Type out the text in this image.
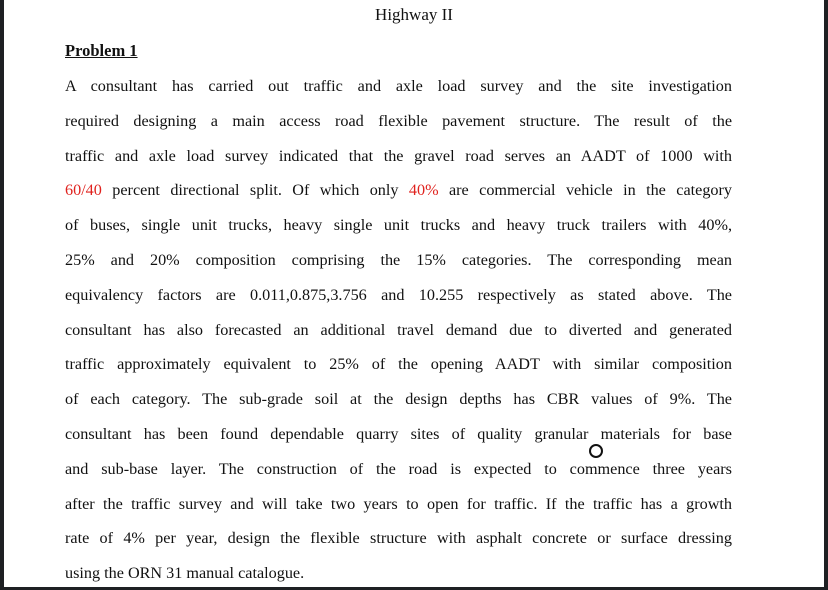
Highway II
Problem 1

A consultant has carried out traffic and axle load survey and the site investigation
required designing a main access road flexible pavement structure. The result of the
traffic and axle load survey indicated that the gravel road serves an AADT of 1000 with
60/40 percent directional split. Of which only 40% are commercial vehicle in the category
of buses, single unit trucks, heavy single unit trucks and heavy truck trailers with 40%,
25% and 20% composition comprising the 15% categories. The corresponding mean
equivalency factors are 0.011,0.875,3.756 and 10.255 respectively as stated above. The
consultant has also forecasted an additional travel demand due to diverted and generated
traffic approximately equivalent to 25% of the opening AADT with similar composition
of each category. The sub-grade soil at the design depths has CBR values of 9%. The
consultant has been found dependable quarry sites of quality granular materials for base
and sub-base layer. The construction of the road is expected to commence three years
after the traffic survey and will take two years to open for traffic. If the traffic has a growth
rate of 4% per year, design the flexible structure with asphalt concrete or surface dressing
using the ORN 31 manual catalogue.
